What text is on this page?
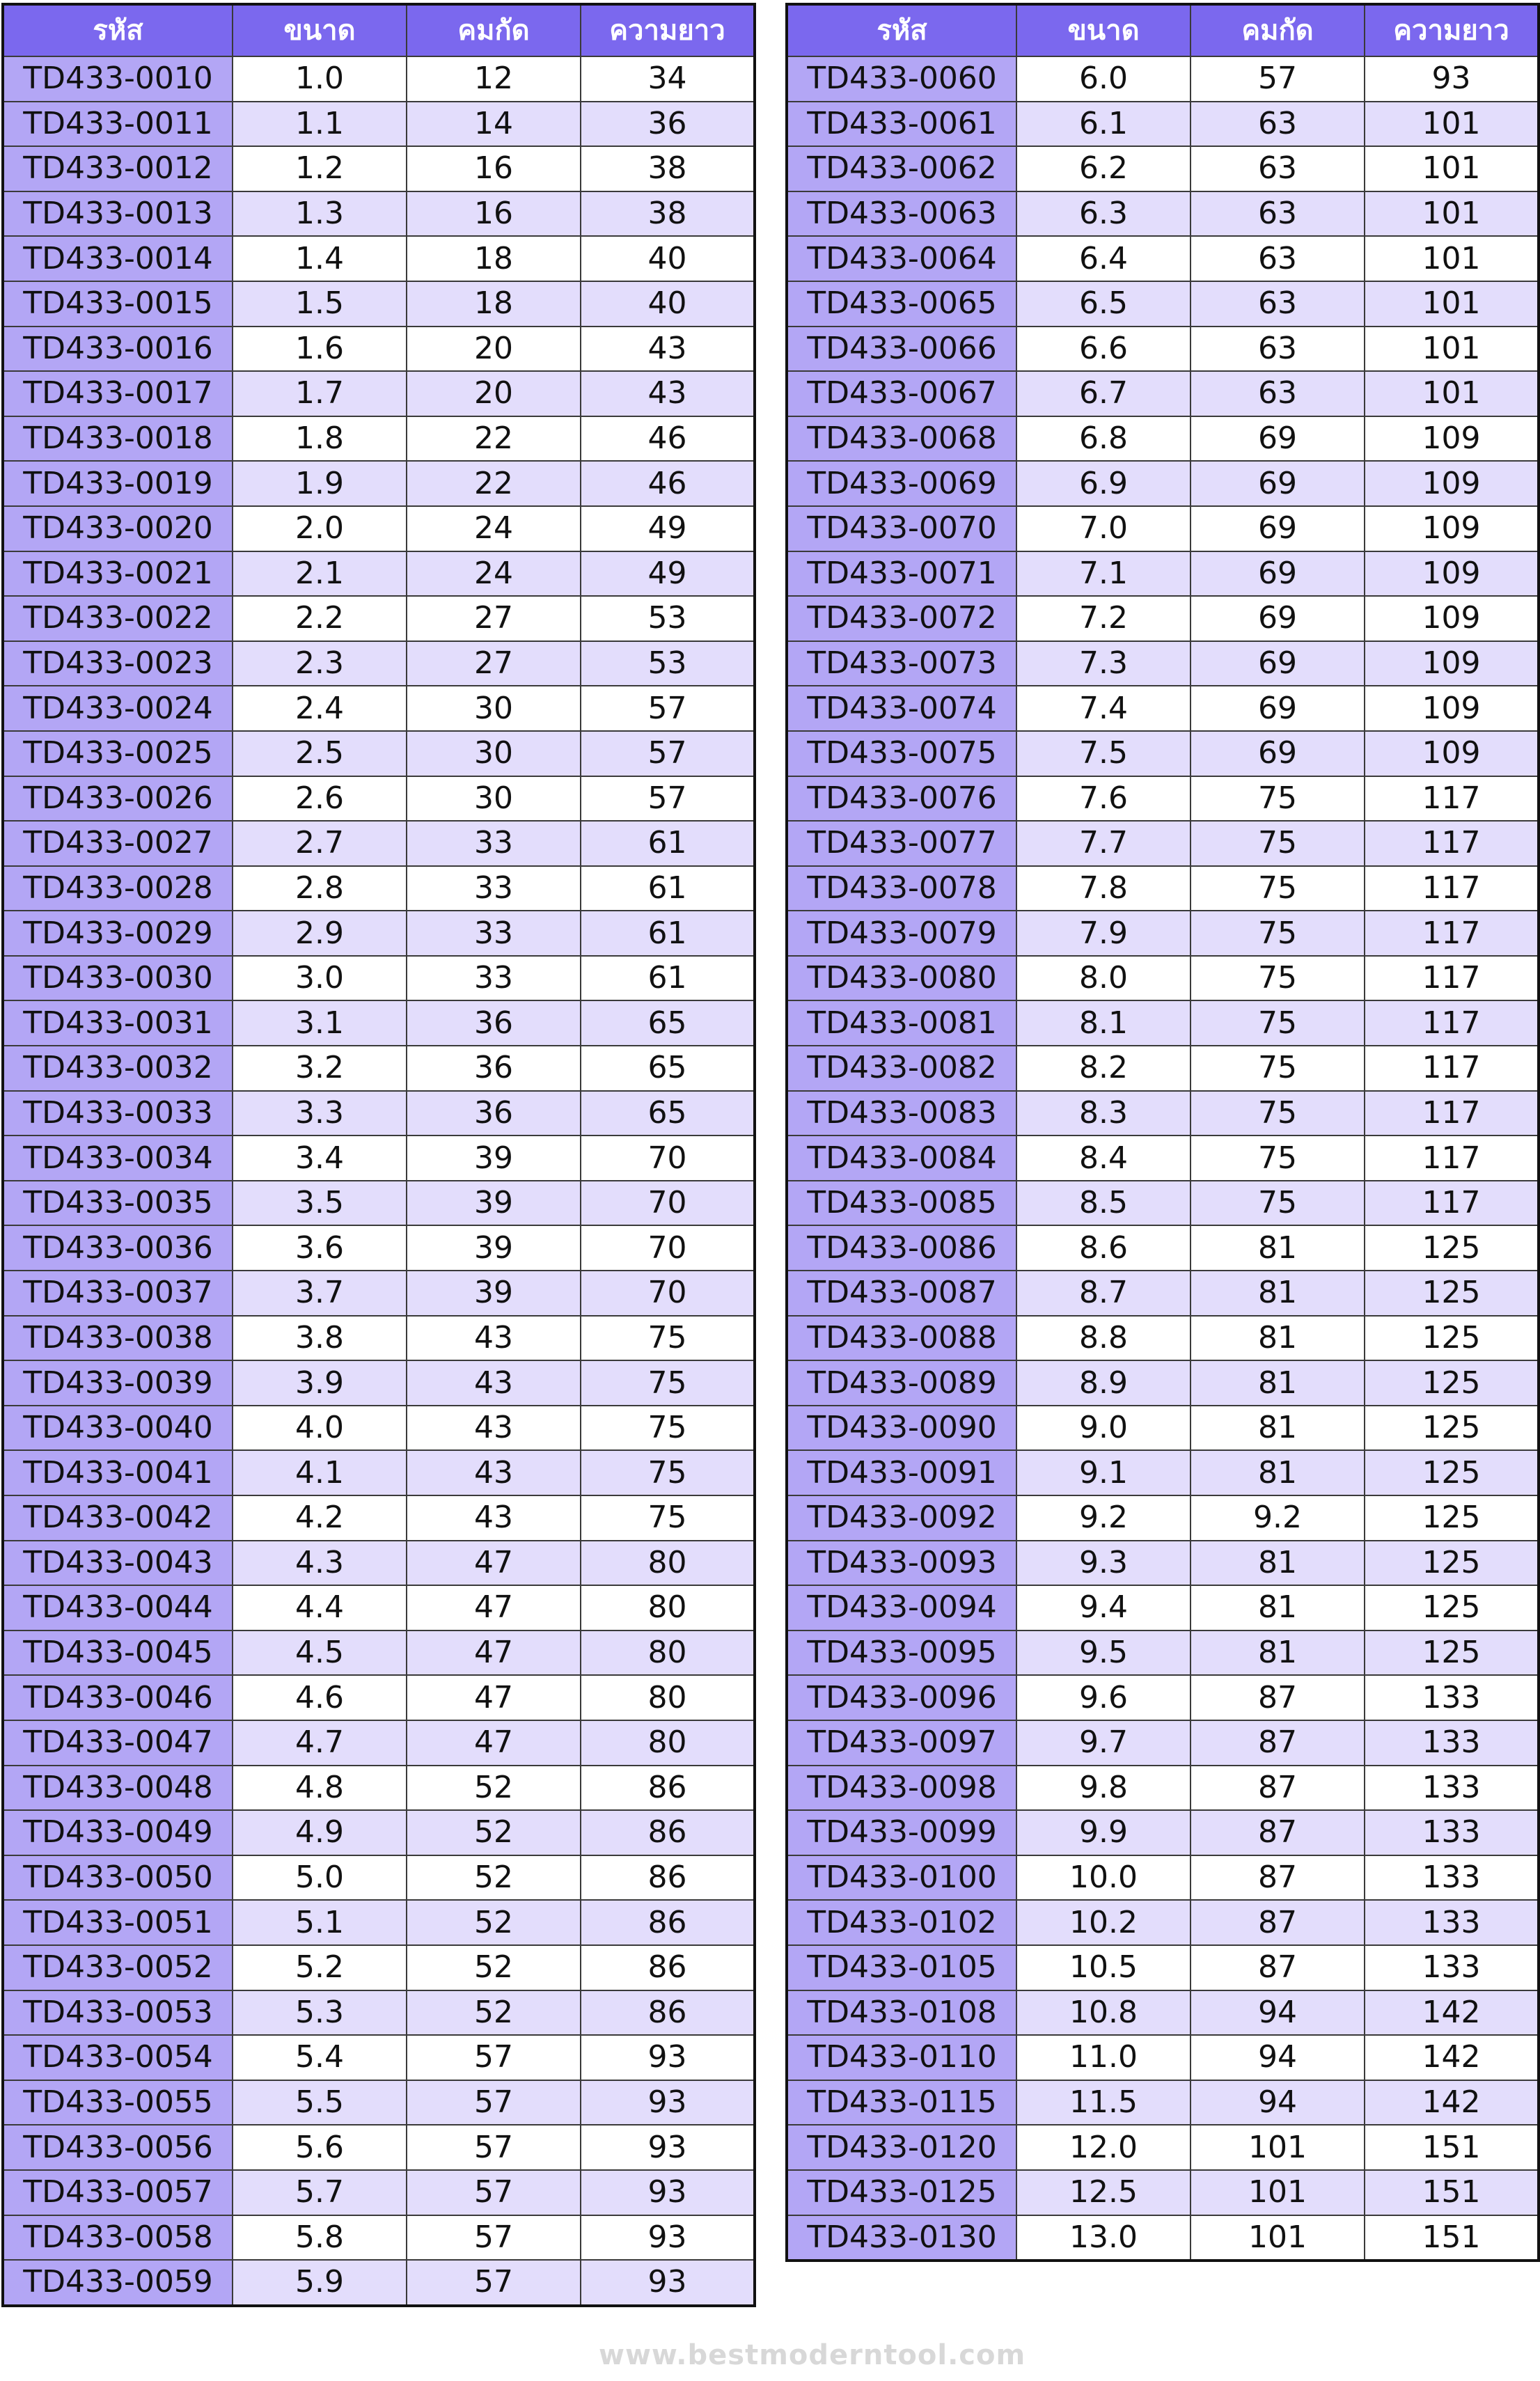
รหัส	ขนาด	คมกัด	ความยาว
TD433-0010	1.0	12	34
TD433-0011	1.1	14	36
TD433-0012	1.2	16	38
TD433-0013	1.3	16	38
TD433-0014	1.4	18	40
TD433-0015	1.5	18	40
TD433-0016	1.6	20	43
TD433-0017	1.7	20	43
TD433-0018	1.8	22	46
TD433-0019	1.9	22	46
TD433-0020	2.0	24	49
TD433-0021	2.1	24	49
TD433-0022	2.2	27	53
TD433-0023	2.3	27	53
TD433-0024	2.4	30	57
TD433-0025	2.5	30	57
TD433-0026	2.6	30	57
TD433-0027	2.7	33	61
TD433-0028	2.8	33	61
TD433-0029	2.9	33	61
TD433-0030	3.0	33	61
TD433-0031	3.1	36	65
TD433-0032	3.2	36	65
TD433-0033	3.3	36	65
TD433-0034	3.4	39	70
TD433-0035	3.5	39	70
TD433-0036	3.6	39	70
TD433-0037	3.7	39	70
TD433-0038	3.8	43	75
TD433-0039	3.9	43	75
TD433-0040	4.0	43	75
TD433-0041	4.1	43	75
TD433-0042	4.2	43	75
TD433-0043	4.3	47	80
TD433-0044	4.4	47	80
TD433-0045	4.5	47	80
TD433-0046	4.6	47	80
TD433-0047	4.7	47	80
TD433-0048	4.8	52	86
TD433-0049	4.9	52	86
TD433-0050	5.0	52	86
TD433-0051	5.1	52	86
TD433-0052	5.2	52	86
TD433-0053	5.3	52	86
TD433-0054	5.4	57	93
TD433-0055	5.5	57	93
TD433-0056	5.6	57	93
TD433-0057	5.7	57	93
TD433-0058	5.8	57	93
TD433-0059	5.9	57	93
รหัส	ขนาด	คมกัด	ความยาว
TD433-0060	6.0	57	93
TD433-0061	6.1	63	101
TD433-0062	6.2	63	101
TD433-0063	6.3	63	101
TD433-0064	6.4	63	101
TD433-0065	6.5	63	101
TD433-0066	6.6	63	101
TD433-0067	6.7	63	101
TD433-0068	6.8	69	109
TD433-0069	6.9	69	109
TD433-0070	7.0	69	109
TD433-0071	7.1	69	109
TD433-0072	7.2	69	109
TD433-0073	7.3	69	109
TD433-0074	7.4	69	109
TD433-0075	7.5	69	109
TD433-0076	7.6	75	117
TD433-0077	7.7	75	117
TD433-0078	7.8	75	117
TD433-0079	7.9	75	117
TD433-0080	8.0	75	117
TD433-0081	8.1	75	117
TD433-0082	8.2	75	117
TD433-0083	8.3	75	117
TD433-0084	8.4	75	117
TD433-0085	8.5	75	117
TD433-0086	8.6	81	125
TD433-0087	8.7	81	125
TD433-0088	8.8	81	125
TD433-0089	8.9	81	125
TD433-0090	9.0	81	125
TD433-0091	9.1	81	125
TD433-0092	9.2	9.2	125
TD433-0093	9.3	81	125
TD433-0094	9.4	81	125
TD433-0095	9.5	81	125
TD433-0096	9.6	87	133
TD433-0097	9.7	87	133
TD433-0098	9.8	87	133
TD433-0099	9.9	87	133
TD433-0100	10.0	87	133
TD433-0102	10.2	87	133
TD433-0105	10.5	87	133
TD433-0108	10.8	94	142
TD433-0110	11.0	94	142
TD433-0115	11.5	94	142
TD433-0120	12.0	101	151
TD433-0125	12.5	101	151
TD433-0130	13.0	101	151
www.bestmoderntool.com
